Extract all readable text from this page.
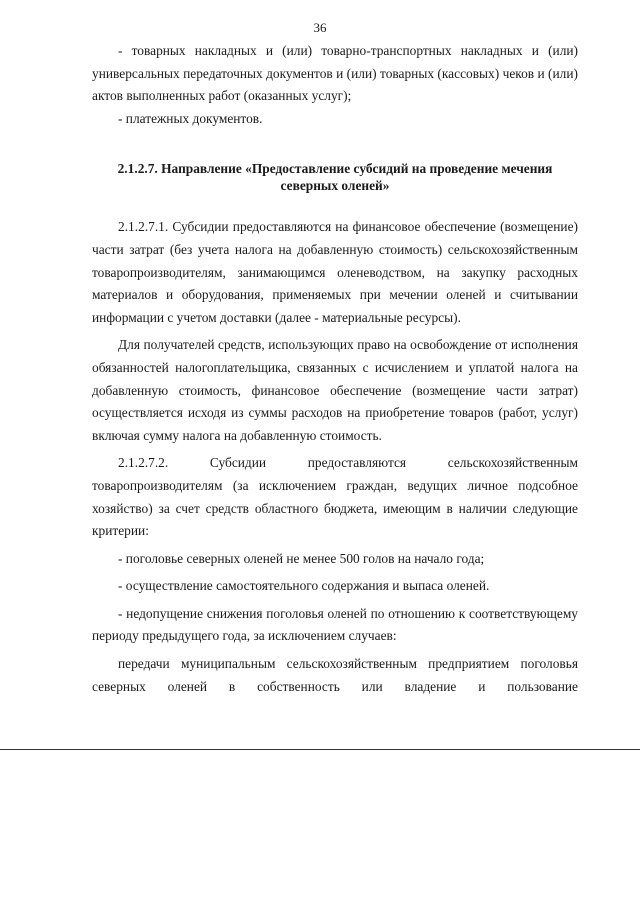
36

- товарных накладных и (или) товарно-транспортных накладных и (или) универсальных передаточных документов и (или) товарных (кассовых) чеков и (или) актов выполненных работ (оказанных услуг);

- платежных документов.

2.1.2.7. Направление «Предоставление субсидий на проведение мечения северных оленей»

2.1.2.7.1. Субсидии предоставляются на финансовое обеспечение (возмещение) части затрат (без учета налога на добавленную стоимость) сельскохозяйственным товаропроизводителям, занимающимся оленеводством, на закупку расходных материалов и оборудования, применяемых при мечении оленей и считывании информации с учетом доставки (далее - материальные ресурсы).

Для получателей средств, использующих право на освобождение от исполнения обязанностей налогоплательщика, связанных с исчислением и уплатой налога на добавленную стоимость, финансовое обеспечение (возмещение части затрат) осуществляется исходя из суммы расходов на приобретение товаров (работ, услуг) включая сумму налога на добавленную стоимость.

2.1.2.7.2. Субсидии предоставляются сельскохозяйственным товаропроизводителям (за исключением граждан, ведущих личное подсобное хозяйство) за счет средств областного бюджета, имеющим в наличии следующие критерии:

- поголовье северных оленей не менее 500 голов на начало года;

- осуществление самостоятельного содержания и выпаса оленей.

- недопущение снижения поголовья оленей по отношению к соответствующему периоду предыдущего года, за исключением случаев:

передачи муниципальным сельскохозяйственным предприятием поголовья северных оленей в собственность или владение и пользование
